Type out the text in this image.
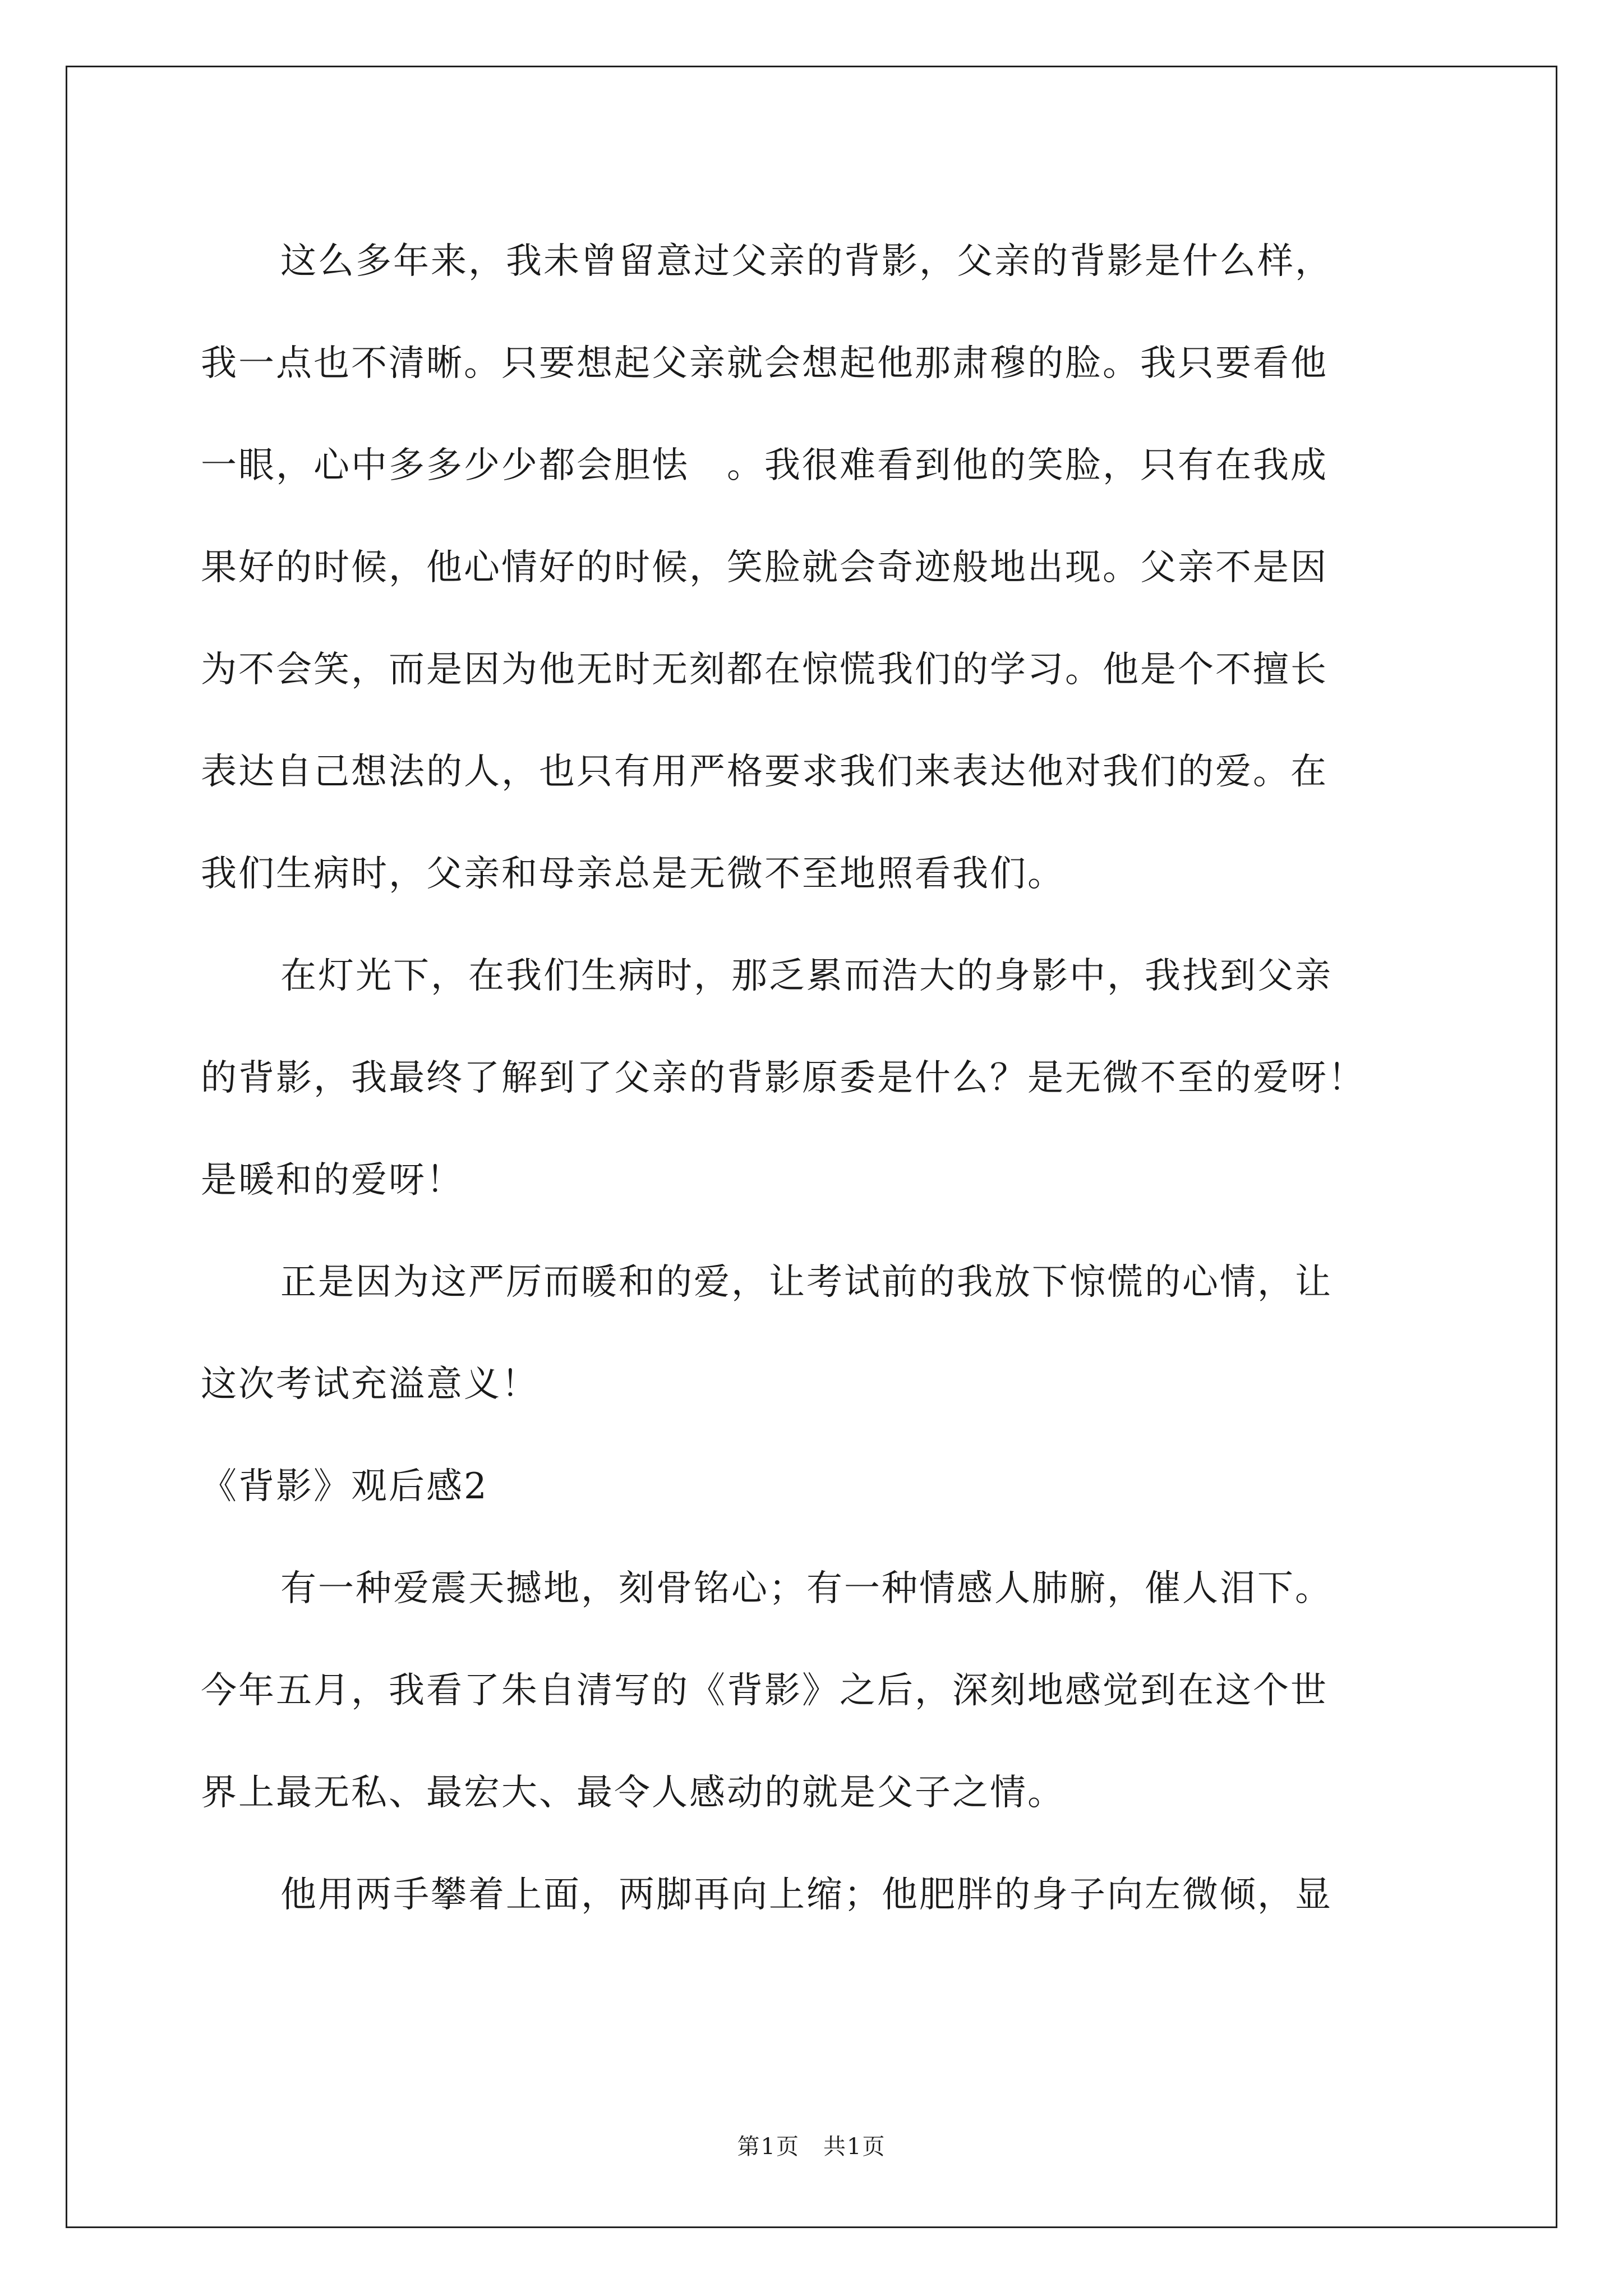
这么多年来，我未曾留意过父亲的背影，父亲的背影是什么样，
我一点也不清晰。只要想起父亲就会想起他那肃穆的脸。我只要看他
一眼，心中多多少少都会胆怯　。我很难看到他的笑脸，只有在我成
果好的时候，他心情好的时候，笑脸就会奇迹般地出现。父亲不是因
为不会笑，而是因为他无时无刻都在惊慌我们的学习。他是个不擅长
表达自己想法的人，也只有用严格要求我们来表达他对我们的爱。在
我们生病时，父亲和母亲总是无微不至地照看我们。
在灯光下，在我们生病时，那乏累而浩大的身影中，我找到父亲
的背影，我最终了解到了父亲的背影原委是什么？是无微不至的爱呀！
是暖和的爱呀！
正是因为这严厉而暖和的爱，让考试前的我放下惊慌的心情，让
这次考试充溢意义！
《背影》观后感2
有一种爱震天撼地，刻骨铭心；有一种情感人肺腑，催人泪下。
今年五月，我看了朱自清写的《背影》之后，深刻地感觉到在这个世
界上最无私、最宏大、最令人感动的就是父子之情。
他用两手攀着上面，两脚再向上缩；他肥胖的身子向左微倾，显
第1页　共1页
